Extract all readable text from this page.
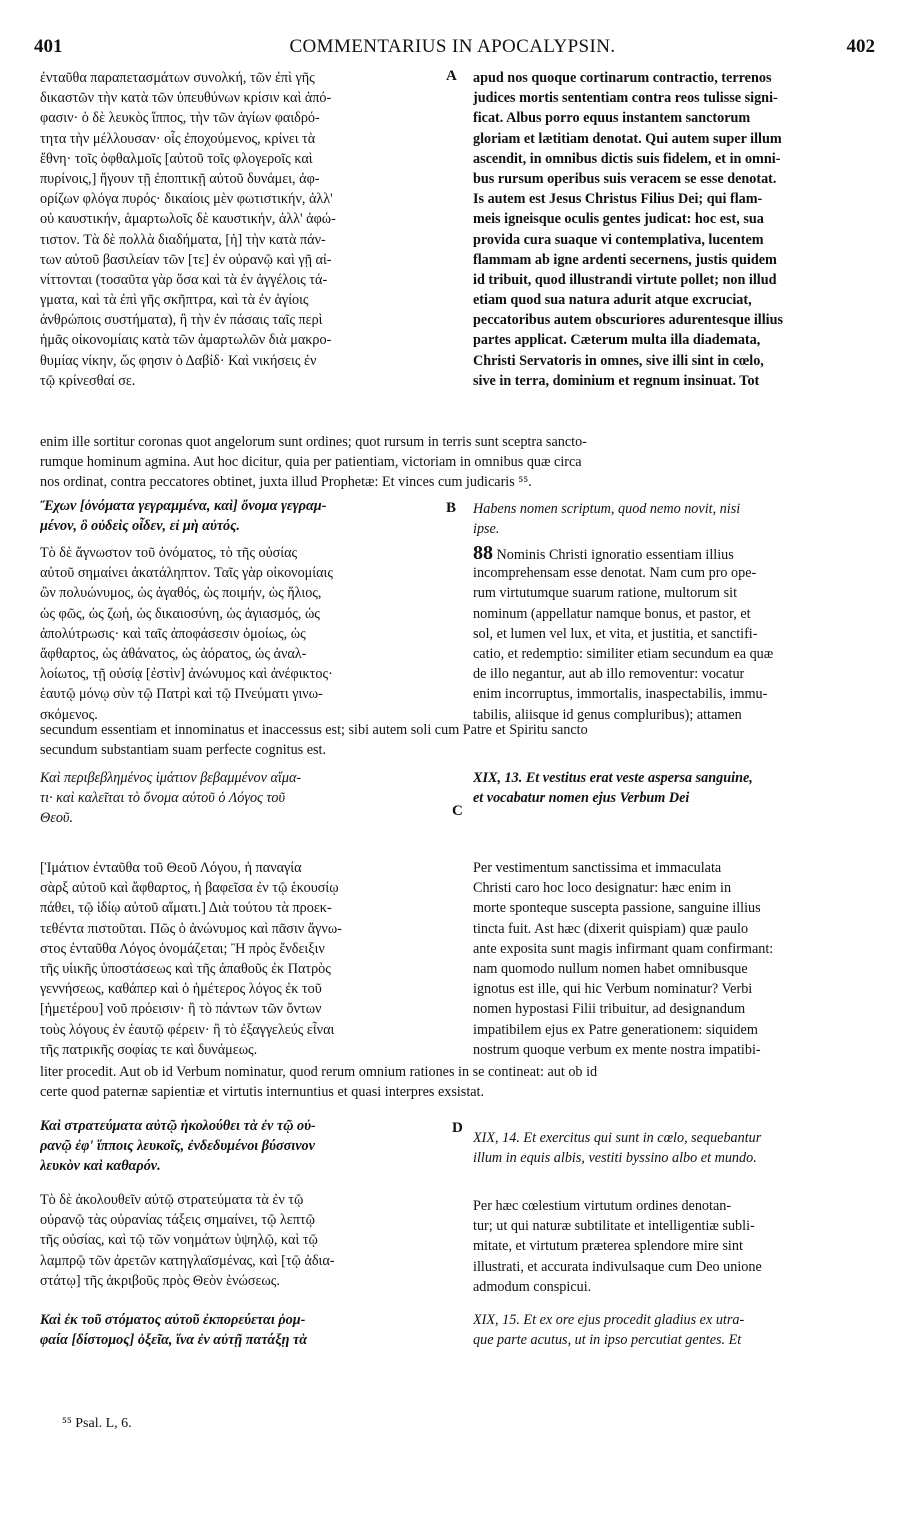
401	COMMENTARIUS IN APOCALYPSIN.	402
ἐνταῦθα παραπετασμάτων συνολκή, τῶν ἐπὶ γῆς
δικαστῶν τὴν κατὰ τῶν ὑπευθύνων κρίσιν καὶ ἀπό-
φασιν· ὁ δὲ λευκὸς ἵππος, τὴν τῶν ἁγίων φαιδρό-
τητα τὴν μέλλουσαν· οἷς ἐποχούμενος, κρίνει τὰ
ἔθνη· τοῖς ὀφθαλμοῖς [αὐτοῦ τοῖς φλογεροῖς καὶ
πυρίνοις,] ἤγουν τῇ ἐποπτικῇ αὐτοῦ δυνάμει, ἀφ-
ορίζων φλόγα πυρός· δικαίοις μὲν φωτιστικήν, ἀλλ'
οὐ καυστικήν, ἁμαρτωλοῖς δὲ καυστικήν, ἀλλ' ἀφώ-
τιστον. Τὰ δὲ πολλὰ διαδήματα, [ἡ] τὴν κατὰ πάν-
των αὐτοῦ βασιλείαν τῶν [τε] ἐν οὐρανῷ καὶ γῇ αἰ-
νίττονται (τοσαῦτα γὰρ ὅσα καὶ τὰ ἐν ἀγγέλοις τά-
γματα, καὶ τὰ ἐπὶ γῆς σκῆπτρα, καὶ τὰ ἐν ἁγίοις
ἀνθρώποις συστήματα), ἢ τὴν ἐν πάσαις ταῖς περὶ
ἡμᾶς οἰκονομίαις κατὰ τῶν ἁμαρτωλῶν διὰ μακρο-
θυμίας νίκην, ὥς φησιν ὁ Δαβίδ· Καὶ νικήσεις ἐν
τῷ κρίνεσθαί σε.
A apud nos quoque cortinarum contractio, terrenos
judices mortis sententiam contra reos tulisse signi-
ficat. Albus porro equus instantem sanctorum
gloriam et lætitiam denotat. Qui autem super illum
ascendit, in omnibus dictis suis fidelem, et in omni-
bus rursum operibus suis veracem se esse denotat.
Is autem est Jesus Christus Filius Dei; qui flam-
meis igneisque oculis gentes judicat: hoc est, sua
provida cura suaque vi contemplativa, lucentem
flammam ab igne ardenti secernens, justis quidem
id tribuit, quod illustrandi virtute pollet; non illud
etiam quod sua natura adurit atque excruciat,
peccatoribus autem obscuriores adurentesque illius
partes applicat. Cæterum multa illa diademata,
Christi Servatoris in omnes, sive illi sint in cœlo,
sive in terra, dominium et regnum insinuat. Tot
enim ille sortitur coronas quot angelorum sunt ordines; quot rursum in terris sunt sceptra sancto-
rumque hominum agmina. Aut hoc dicitur, quia per patientiam, victoriam in omnibus quæ circa
nos ordinat, contra peccatores obtinet, juxta illud Prophetæ: Et vinces cum judicaris ⁵⁵.
Ἔχων [ὀνόματα γεγραμμένα, καὶ] ὄνομα γεγραμ-
μένον, ὃ οὐδεὶς οἶδεν, εἰ μὴ αὐτός.
B Habens nomen scriptum, quod nemo novit, nisi
ipse.
Τὸ δὲ ἄγνωστον τοῦ ὀνόματος, τὸ τῆς οὐσίας
αὐτοῦ σημαίνει ἀκατάληπτον. Ταῖς γὰρ οἰκονομίαις
ὢν πολυώνυμος, ὡς ἀγαθός, ὡς ποιμήν, ὡς ἥλιος,
ὡς φῶς, ὡς ζωή, ὡς δικαιοσύνη, ὡς ἁγιασμός, ὡς
ἀπολύτρωσις· καὶ ταῖς ἀποφάσεσιν ὁμοίως, ὡς
ἄφθαρτος, ὡς ἀθάνατος, ὡς ἀόρατος, ὡς ἀναλ-
λοίωτος, τῇ οὐσίᾳ [ἐστὶν] ἀνώνυμος καὶ ἀνέφικτος·
ἑαυτῷ μόνῳ σὺν τῷ Πατρὶ καὶ τῷ Πνεύματι γινω-
σκόμενος.
88 Nominis Christi ignoratio essentiam illius
incomprehensam esse denotat. Nam cum pro ope-
rum virtutumque suarum ratione, multorum sit
nominum (appellatur namque bonus, et pastor, et
sol, et lumen vel lux, et vita, et justitia, et sanctifi-
catio, et redemptio: similiter etiam secundum ea quæ
de illo negantur, aut ab illo removentur: vocatur
enim incorruptus, immortalis, inaspectabilis, immu-
tabilis, aliisque id genus compluribus); attamen
secundum essentiam et innominatus et inaccessus est; sibi autem soli cum Patre et Spiritu sancto
secundum substantiam suam perfecte cognitus est.
Καὶ περιβεβλημένος ἱμάτιον βεβαμμένον αἵμα-
τι· καὶ καλεῖται τὸ ὄνομα αὐτοῦ ὁ Λόγος τοῦ
Θεοῦ.
XIX, 13. Et vestitus erat veste aspersa sanguine,
et vocabatur nomen ejus Verbum Dei
C
[Ἱμάτιον ἐνταῦθα τοῦ Θεοῦ Λόγου, ἡ παναγία
σὰρξ αὐτοῦ καὶ ἄφθαρτος, ἡ βαφεῖσα ἐν τῷ ἑκουσίῳ
πάθει, τῷ ἰδίῳ αὐτοῦ αἵματι.] Διὰ τούτου τὰ προεκ-
τεθέντα πιστοῦται. Πῶς ὁ ἀνώνυμος καὶ πᾶσιν ἄγνω-
στος ἐνταῦθα Λόγος ὀνομάζεται; Ἢ πρὸς ἔνδειξιν
τῆς υἱικῆς ὑποστάσεως καὶ τῆς ἀπαθοῦς ἐκ Πατρὸς
γεννήσεως, καθάπερ καὶ ὁ ἡμέτερος λόγος ἐκ τοῦ
[ἡμετέρου] νοῦ πρόεισιν· ἢ τὸ πάντων τῶν ὄντων
τοὺς λόγους ἐν ἑαυτῷ φέρειν· ἢ τὸ ἐξαγγελεύς εἶναι
τῆς πατρικῆς σοφίας τε καὶ δυνάμεως.
Per vestimentum sanctissima et immaculata
Christi caro hoc loco designatur: hæc enim in
morte sponteque suscepta passione, sanguine illius
tincta fuit. Ast hæc (dixerit quispiam) quæ paulo
ante exposita sunt magis infirmant quam confirmant:
nam quomodo nullum nomen habet omnibusque
ignotus est ille, qui hic Verbum nominatur? Verbi
nomen hypostasi Filii tribuitur, ad designandum
impatibilem ejus ex Patre generationem: siquidem
nostrum quoque verbum ex mente nostra impatibi-
liter procedit. Aut ob id Verbum nominatur, quod rerum omnium rationes in se contineat: aut ob id
certe quod paternæ sapientiæ et virtutis internuntius et quasi interpres exsistat.
Καὶ στρατεύματα αὐτῷ ἠκολούθει τὰ ἐν τῷ οὐ-
ρανῷ ἐφ' ἵπποις λευκοῖς, ἐνδεδυμένοι βύσσινον
λευκὸν καὶ καθαρόν.
D
XIX, 14. Et exercitus qui sunt in cœlo, sequebantur
illum in equis albis, vestiti byssino albo et mundo.
Τὸ δὲ ἀκολουθεῖν αὐτῷ στρατεύματα τὰ ἐν τῷ
οὐρανῷ τὰς οὐρανίας τάξεις σημαίνει, τῷ λεπτῷ
τῆς οὐσίας, καὶ τῷ τῶν νοημάτων ὑψηλῷ, καὶ τῷ
λαμπρῷ τῶν ἀρετῶν κατηγλαϊσμένας, καὶ [τῷ ἀδια-
στάτῳ] τῆς ἀκριβοῦς πρὸς Θεὸν ἑνώσεως.
Per hæc cœlestium virtutum ordines denotan-
tur; ut qui naturæ subtilitate et intelligentiæ subli-
mitate, et virtutum præterea splendore mire sint
illustrati, et accurata indivulsaque cum Deo unione
admodum conspicui.
Καὶ ἐκ τοῦ στόματος αὐτοῦ ἐκπορεύεται ῥομ-
φαία [δίστομος] ὀξεῖα, ἵνα ἐν αὐτῇ πατάξῃ τὰ
XIX, 15. Et ex ore ejus procedit gladius ex utra-
que parte acutus, ut in ipso percutiat gentes. Et
⁵⁵ Psal. L, 6.
